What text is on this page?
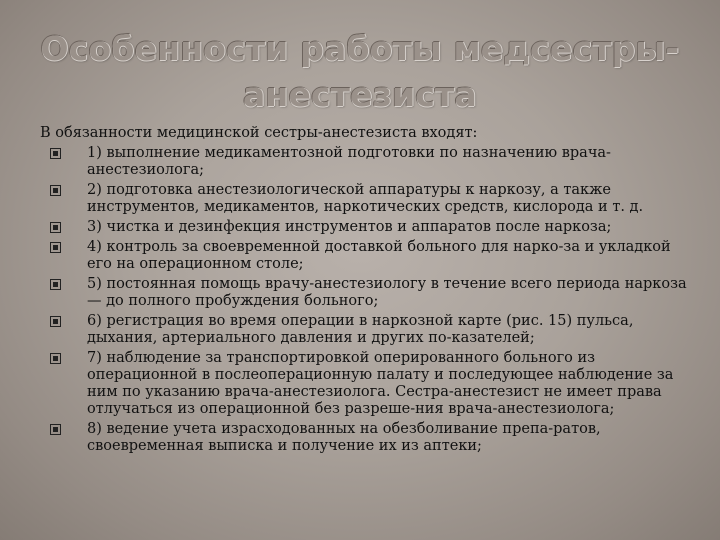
Особенности работы медсестры-
анестезиста

В обязанности медицинской сестры-анестезиста входят:

1) выполнение медикаментозной подготовки по назначению врача-анестезиолога;
2) подготовка анестезиологической аппаратуры к наркозу, а также инструментов, медикаментов, наркотических средств, кислорода и т. д.
3) чистка и дезинфекция инструментов и аппаратов после наркоза;
4) контроль за своевременной доставкой больного для нарко-за и укладкой его на операционном столе;
5) постоянная помощь врачу-анестезиологу в течение всего периода наркоза — до полного пробуждения больного;
6) регистрация во время операции в наркозной карте (рис. 15) пульса, дыхания, артериального давления и других по-казателей;
7) наблюдение за транспортировкой оперированного больного из операционной в послеоперационную палату и последующее наблюдение за ним по указанию врача-анестезиолога. Сестра-анестезист не имеет права отлучаться из операционной без разреше-ния врача-анестезиолога;
8) ведение учета израсходованных на обезболивание препа-ратов, своевременная выписка и получение их из аптеки;
